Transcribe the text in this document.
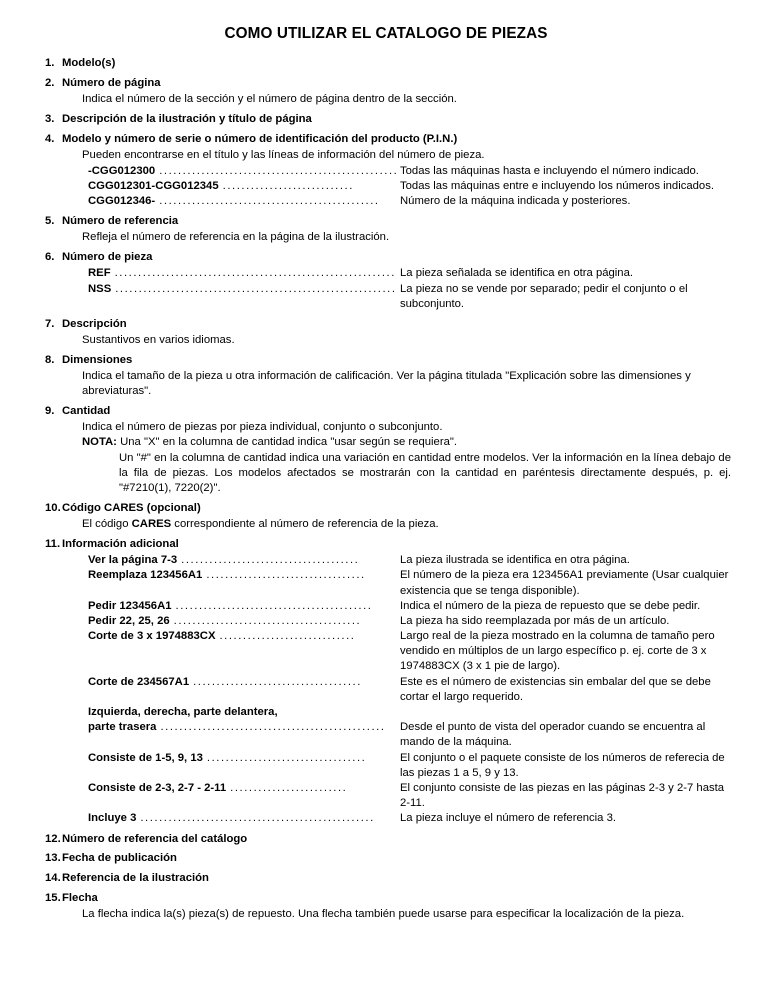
COMO UTILIZAR EL CATALOGO DE PIEZAS
1. Modelo(s)
2. Número de página
Indica el número de la sección y el número de página dentro de la sección.
3. Descripción de la ilustración y título de página
4. Modelo y número de serie o número de identificación del producto (P.I.N.)
Pueden encontrarse en el título y las líneas de información del número de pieza.
-CGG012300 ................................................... Todas las máquinas hasta e incluyendo el número indicado.
CGG012301-CGG012345 ............................	Todas las máquinas entre e incluyendo los números indicados.
CGG012346- ...............................................	Número de la máquina indicada y posteriores.
5. Número de referencia
Refleja el número de referencia en la página de la ilustración.
6. Número de pieza
REF ............................................................ La pieza señalada se identifica en otra página.
NSS ............................................................ La pieza no se vende por separado; pedir el conjunto o el subconjunto.
7. Descripción
Sustantivos en varios idiomas.
8. Dimensiones
Indica el tamaño de la pieza u otra información de calificación. Ver la página titulada "Explicación sobre las dimensiones y abreviaturas".
9. Cantidad
Indica el número de piezas por pieza individual, conjunto o subconjunto.
NOTA: Una "X" en la columna de cantidad indica "usar según se requiera".
Un "#" en la columna de cantidad indica una variación en cantidad entre modelos. Ver la información en la línea debajo de la fila de piezas. Los modelos afectados se mostrarán con la cantidad en paréntesis directamente después, p. ej. "#7210(1), 7220(2)".
10. Código CARES (opcional)
El código CARES correspondiente al número de referencia de la pieza.
11. Información adicional
Ver la página 7-3 ......................................	La pieza ilustrada se identifica en otra página.
Reemplaza 123456A1 ..................................	El número de la pieza era 123456A1 previamente (Usar cualquier existencia que se tenga disponible).
Pedir 123456A1 ..........................................	Indica el número de la pieza de repuesto que se debe pedir.
Pedir 22, 25, 26 ........................................	La pieza ha sido reemplazada por más de un artículo.
Corte de 3 x 1974883CX .............................	Largo real de la pieza mostrado en la columna de tamaño pero vendido en múltiplos de un largo específico p. ej. corte de 3 x 1974883CX (3 x 1 pie de largo).
Corte de 234567A1 ....................................	Este es el número de existencias sin embalar del que se debe cortar el largo requerido.
Izquierda, derecha, parte delantera,
parte trasera ................................................	Desde el punto de vista del operador cuando se encuentra al mando de la máquina.
Consiste de 1-5, 9, 13 ..................................	El conjunto o el paquete consiste de los números de referecia de las piezas 1 a 5, 9 y 13.
Consiste de 2-3, 2-7 - 2-11 .........................	El conjunto consiste de las piezas en las páginas 2-3 y 2-7 hasta 2-11.
Incluye 3 ..................................................	La pieza incluye el número de referencia 3.
12. Número de referencia del catálogo
13. Fecha de publicación
14. Referencia de la ilustración
15. Flecha
La flecha indica la(s) pieza(s) de repuesto. Una flecha también puede usarse para especificar la localización de la pieza.
